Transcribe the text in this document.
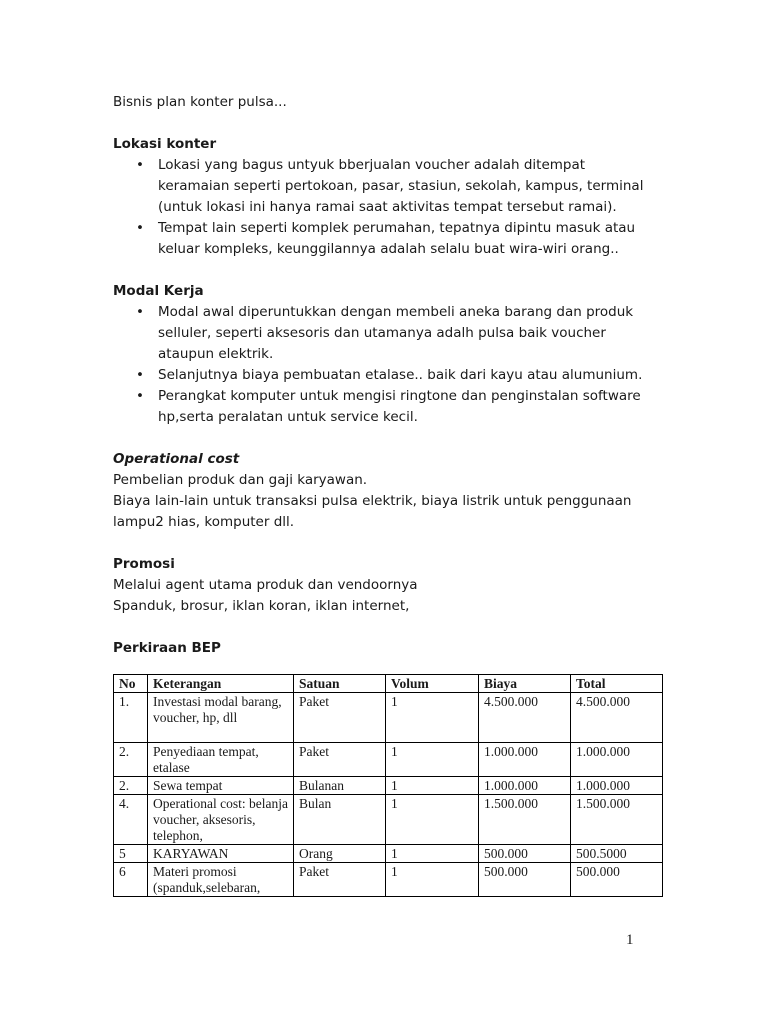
Bisnis plan konter pulsa...
Lokasi konter
• Lokasi yang bagus untyuk bberjualan voucher adalah ditempat
keramaian seperti pertokoan, pasar, stasiun, sekolah, kampus, terminal
(untuk lokasi ini hanya ramai saat aktivitas tempat tersebut ramai).
• Tempat lain seperti komplek perumahan, tepatnya dipintu masuk atau
keluar kompleks, keunggilannya adalah selalu buat wira-wiri orang..
Modal Kerja
• Modal awal diperuntukkan dengan membeli aneka barang dan produk
selluler, seperti aksesoris dan utamanya adalh pulsa baik voucher
ataupun elektrik.
• Selanjutnya biaya pembuatan etalase.. baik dari kayu atau alumunium.
• Perangkat komputer untuk mengisi ringtone dan penginstalan software
hp,serta peralatan untuk service kecil.
Operational cost
Pembelian produk dan gaji karyawan.
Biaya lain-lain untuk transaksi pulsa elektrik, biaya listrik untuk penggunaan
lampu2 hias, komputer dll.
Promosi
Melalui agent utama produk dan vendoornya
Spanduk, brosur, iklan koran, iklan internet,
Perkiraan BEP
No	Keterangan	Satuan	Volum	Biaya	Total
1.	Investasi modal barang, voucher, hp, dll	Paket	1	4.500.000	4.500.000
2.	Penyediaan tempat, etalase	Paket	1	1.000.000	1.000.000
2.	Sewa tempat	Bulanan	1	1.000.000	1.000.000
4.	Operational cost: belanja voucher, aksesoris, telephon,	Bulan	1	1.500.000	1.500.000
5	KARYAWAN	Orang	1	500.000	500.5000
6	Materi promosi (spanduk,selebaran,	Paket	1	500.000	500.000
1
